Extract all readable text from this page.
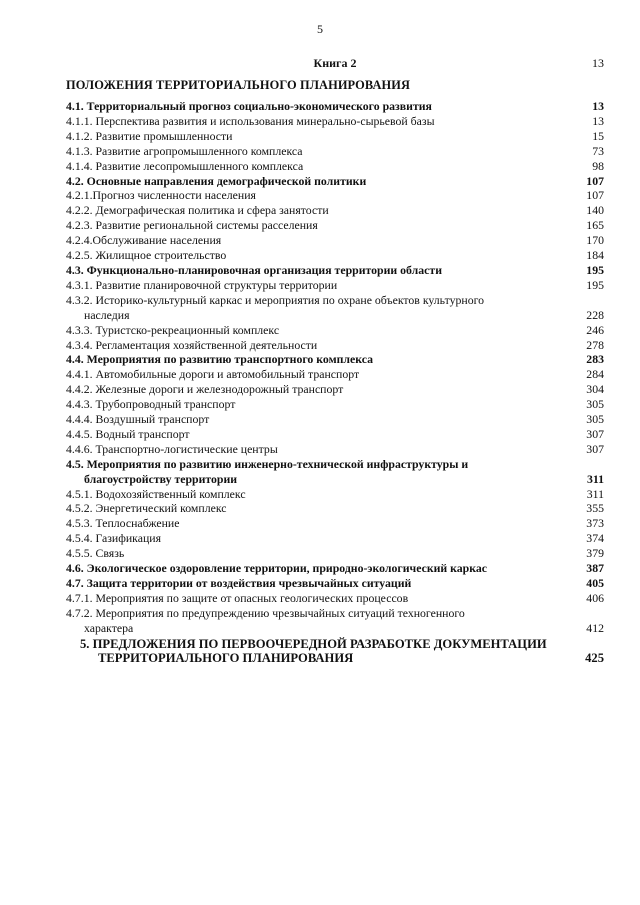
5
Книга 2	13
ПОЛОЖЕНИЯ ТЕРРИТОРИАЛЬНОГО ПЛАНИРОВАНИЯ
4.1. Территориальный прогноз социально-экономического развития	13
4.1.1. Перспектива развития и использования минерально-сырьевой базы	13
4.1.2. Развитие промышленности	15
4.1.3. Развитие агропромышленного комплекса	73
4.1.4. Развитие лесопромышленного комплекса	98
4.2. Основные направления демографической политики	107
4.2.1.Прогноз численности населения	107
4.2.2. Демографическая политика и сфера занятости	140
4.2.3. Развитие региональной системы расселения	165
4.2.4.Обслуживание населения	170
4.2.5. Жилищное строительство	184
4.3. Функционально-планировочная организация территории области	195
4.3.1. Развитие планировочной структуры территории	195
4.3.2. Историко-культурный каркас и мероприятия по охране объектов культурного
наследия	228
4.3.3. Туристско-рекреационный комплекс	246
4.3.4. Регламентация хозяйственной деятельности	278
4.4. Мероприятия по развитию транспортного комплекса	283
4.4.1. Автомобильные дороги и автомобильный транспорт	284
4.4.2. Железные дороги и железнодорожный транспорт	304
4.4.3. Трубопроводный транспорт	305
4.4.4. Воздушный транспорт	305
4.4.5. Водный транспорт	307
4.4.6. Транспортно-логистические центры	307
4.5. Мероприятия по развитию инженерно-технической инфраструктуры и
благоустройству территории	311
4.5.1. Водохозяйственный комплекс	311
4.5.2. Энергетический комплекс	355
4.5.3. Теплоснабжение	373
4.5.4. Газификация	374
4.5.5. Связь	379
4.6. Экологическое оздоровление территории, природно-экологический каркас	387
4.7. Защита территории от воздействия чрезвычайных ситуаций	405
4.7.1. Мероприятия по защите от опасных геологических процессов	406
4.7.2. Мероприятия по предупреждению чрезвычайных ситуаций техногенного
характера	412
5. ПРЕДЛОЖЕНИЯ ПО ПЕРВООЧЕРЕДНОЙ РАЗРАБОТКЕ ДОКУМЕНТАЦИИ
ТЕРРИТОРИАЛЬНОГО ПЛАНИРОВАНИЯ	425
